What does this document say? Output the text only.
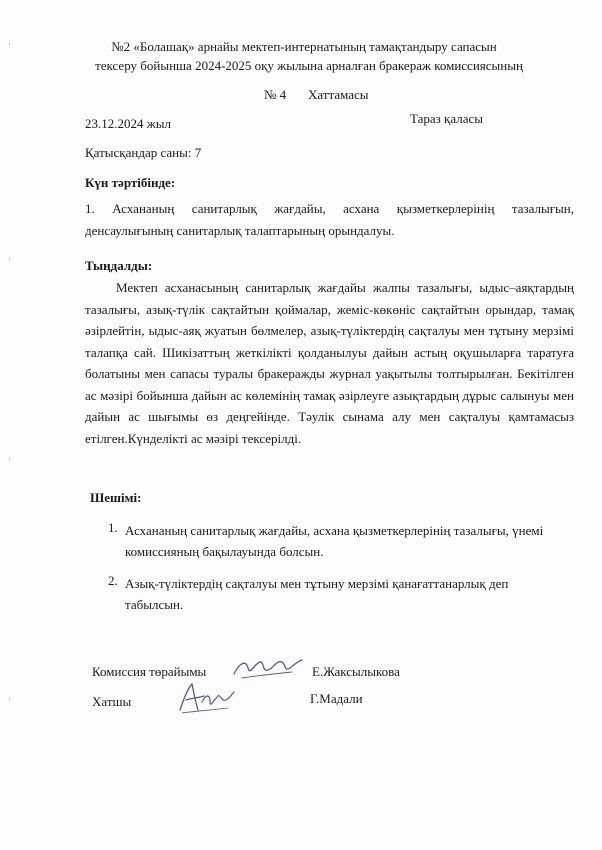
·
·
·
·
№2 «Болашақ» арнайы мектеп-интернатының тамақтандыру сапасын
тексеру бойынша 2024-2025 оқу жылына арналған бракераж комиссиясының
№ 4 Хаттамасы
23.12.2024 жыл	Тараз қаласы
Қатысқандар саны: 7
Күн тәртібінде:
1. Асхананың санитарлық жағдайы, асхана қызметкерлерінің тазалығын, денсаулығының санитарлық талаптарының орындалуы.
Тыңдалды:
Мектеп асханасының санитарлық жағдайы жалпы тазалығы, ыдыс–аяқтардың тазалығы, азық-түлік сақтайтын қоймалар, жеміс-көкөніс сақтайтын орындар, тамақ әзірлейтін, ыдыс-аяқ жуатын бөлмелер, азық-түліктердің сақталуы мен тұтыну мерзімі талапқа сай. Шикізаттың жеткілікті қолданылуы дайын астың оқушыларға таратуға болатыны мен сапасы туралы бракеражды журнал уақытылы толтырылған. Бекітілген ас мәзірі бойынша дайын ас көлемінің тамақ әзірлеуге азықтардың дұрыс салынуы мен дайын ас шығымы өз деңгейінде. Тәулік сынама алу мен сақталуы қамтамасыз етілген.Күнделікті ас мәзірі тексерілді.
Шешімі:
1. Асхананың санитарлық жағдайы, асхана қызметкерлерінің тазалығы, үнемі комиссияның бақылауында болсын.
2. Азық-түліктердің сақталуы мен тұтыну мерзімі қанағаттанарлық деп табылсын.
Комиссия төрайымы	Е.Жаксылыкова
Хатшы	Г.Мадали
